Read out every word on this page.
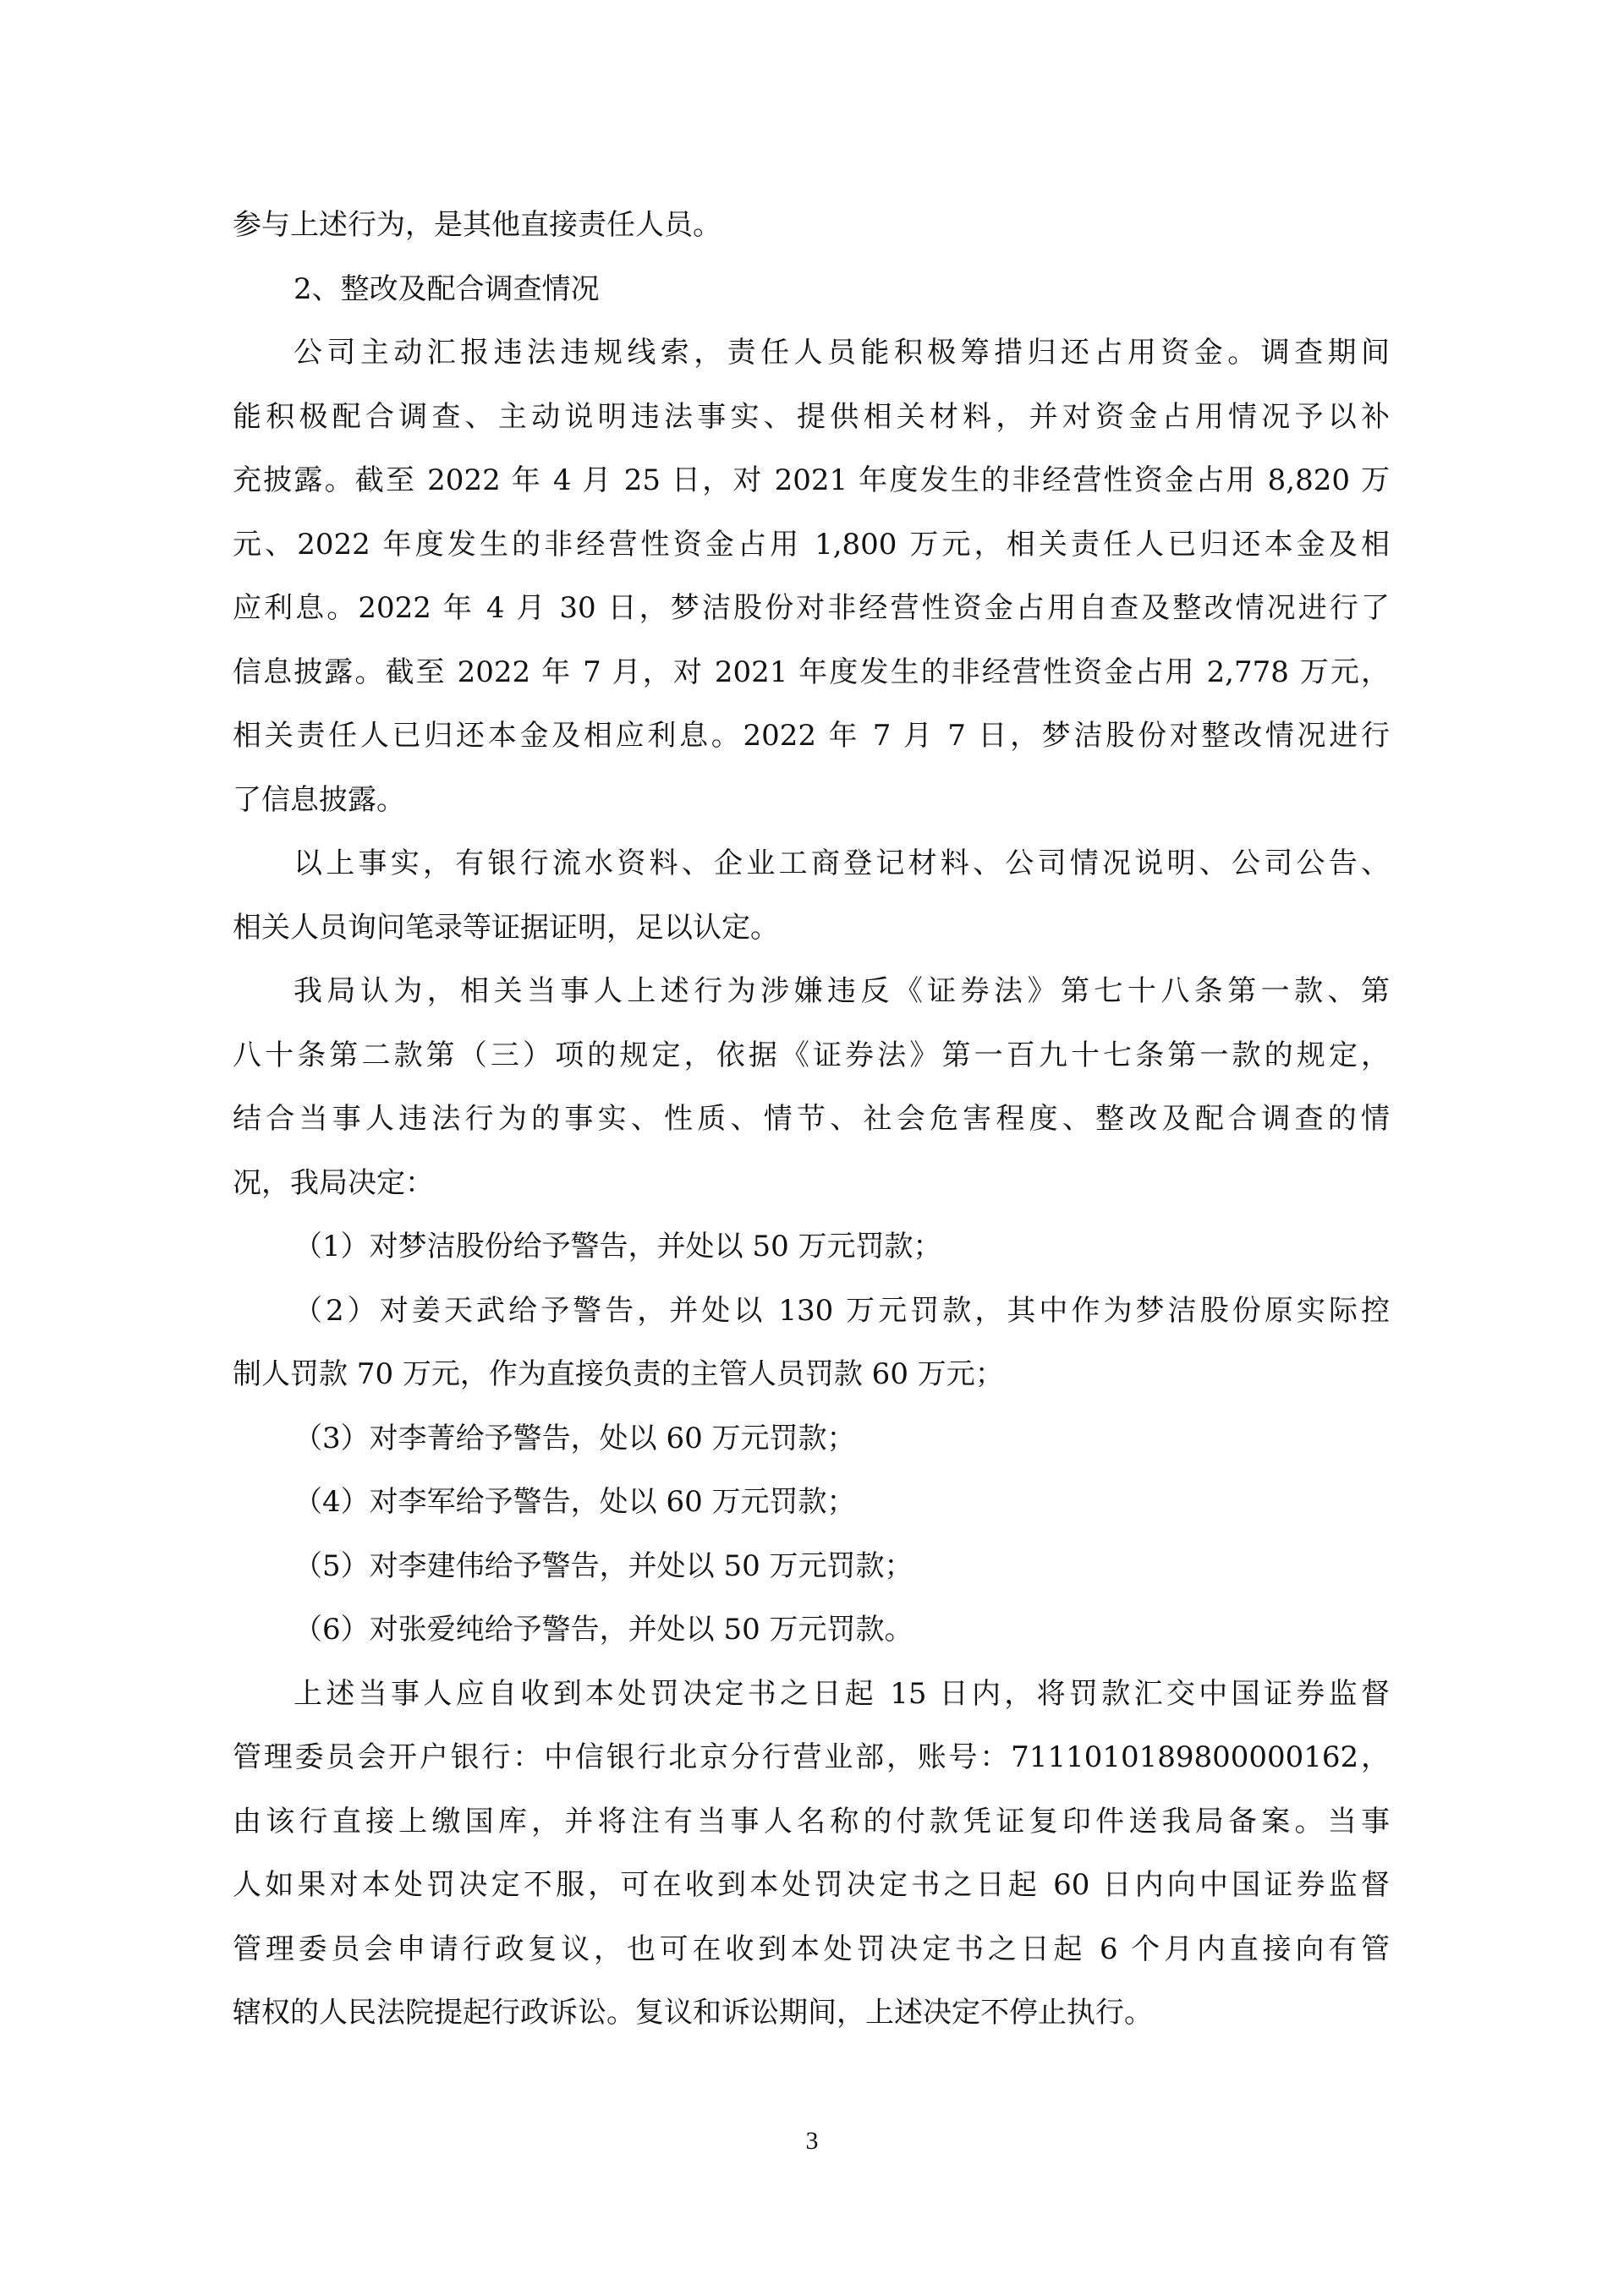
参与上述行为，是其他直接责任人员。
2、整改及配合调查情况
公司主动汇报违法违规线索，责任人员能积极筹措归还占用资金。调查期间
能积极配合调查、主动说明违法事实、提供相关材料，并对资金占用情况予以补
充披露。截至 2022 年 4 月 25 日，对 2021 年度发生的非经营性资金占用 8,820 万
元、2022 年度发生的非经营性资金占用 1,800 万元，相关责任人已归还本金及相
应利息。2022 年 4 月 30 日，梦洁股份对非经营性资金占用自查及整改情况进行了
信息披露。截至 2022 年 7 月，对 2021 年度发生的非经营性资金占用 2,778 万元，
相关责任人已归还本金及相应利息。2022 年 7 月 7 日，梦洁股份对整改情况进行
了信息披露。
以上事实，有银行流水资料、企业工商登记材料、公司情况说明、公司公告、
相关人员询问笔录等证据证明，足以认定。
我局认为，相关当事人上述行为涉嫌违反《证券法》第七十八条第一款、第
八十条第二款第（三）项的规定，依据《证券法》第一百九十七条第一款的规定，
结合当事人违法行为的事实、性质、情节、社会危害程度、整改及配合调查的情
况，我局决定：
（1）对梦洁股份给予警告，并处以 50 万元罚款；
（2）对姜天武给予警告，并处以 130 万元罚款，其中作为梦洁股份原实际控
制人罚款 70 万元，作为直接负责的主管人员罚款 60 万元；
（3）对李菁给予警告，处以 60 万元罚款；
（4）对李军给予警告，处以 60 万元罚款；
（5）对李建伟给予警告，并处以 50 万元罚款；
（6）对张爱纯给予警告，并处以 50 万元罚款。
上述当事人应自收到本处罚决定书之日起 15 日内，将罚款汇交中国证券监督
管理委员会开户银行：中信银行北京分行营业部，账号：7111010189800000162，
由该行直接上缴国库，并将注有当事人名称的付款凭证复印件送我局备案。当事
人如果对本处罚决定不服，可在收到本处罚决定书之日起 60 日内向中国证券监督
管理委员会申请行政复议，也可在收到本处罚决定书之日起 6 个月内直接向有管
辖权的人民法院提起行政诉讼。复议和诉讼期间，上述决定不停止执行。
3
